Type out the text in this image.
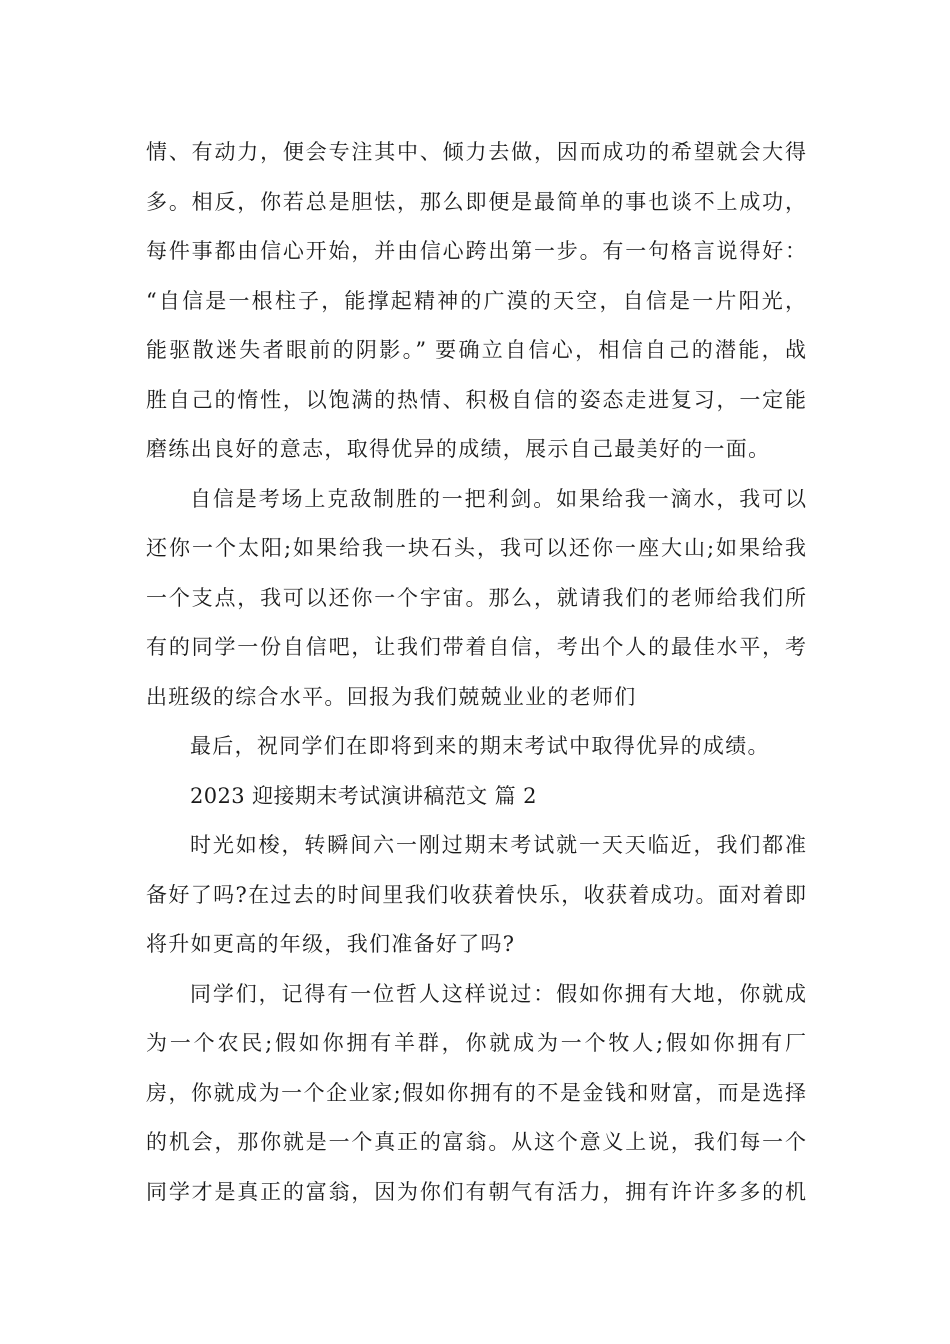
情、有动力，便会专注其中、倾力去做，因而成功的希望就会大得
多。相反，你若总是胆怯，那么即便是最简单的事也谈不上成功，
每件事都由信心开始，并由信心跨出第一步。有一句格言说得好：
“自信是一根柱子，能撑起精神的广漠的天空，自信是一片阳光，
能驱散迷失者眼前的阴影。” 要确立自信心，相信自己的潜能，战
胜自己的惰性，以饱满的热情、积极自信的姿态走进复习，一定能
磨练出良好的意志，取得优异的成绩，展示自己最美好的一面。
自信是考场上克敌制胜的一把利剑。如果给我一滴水，我可以
还你一个太阳;如果给我一块石头，我可以还你一座大山;如果给我
一个支点，我可以还你一个宇宙。那么，就请我们的老师给我们所
有的同学一份自信吧，让我们带着自信，考出个人的最佳水平，考
出班级的综合水平。回报为我们兢兢业业的老师们
最后，祝同学们在即将到来的期末考试中取得优异的成绩。
2023 迎接期末考试演讲稿范文 篇 2
时光如梭，转瞬间六一刚过期末考试就一天天临近，我们都准
备好了吗?在过去的时间里我们收获着快乐，收获着成功。面对着即
将升如更高的年级，我们准备好了吗?
同学们，记得有一位哲人这样说过：假如你拥有大地，你就成
为一个农民;假如你拥有羊群，你就成为一个牧人;假如你拥有厂
房，你就成为一个企业家;假如你拥有的不是金钱和财富，而是选择
的机会，那你就是一个真正的富翁。从这个意义上说，我们每一个
同学才是真正的富翁，因为你们有朝气有活力，拥有许许多多的机
